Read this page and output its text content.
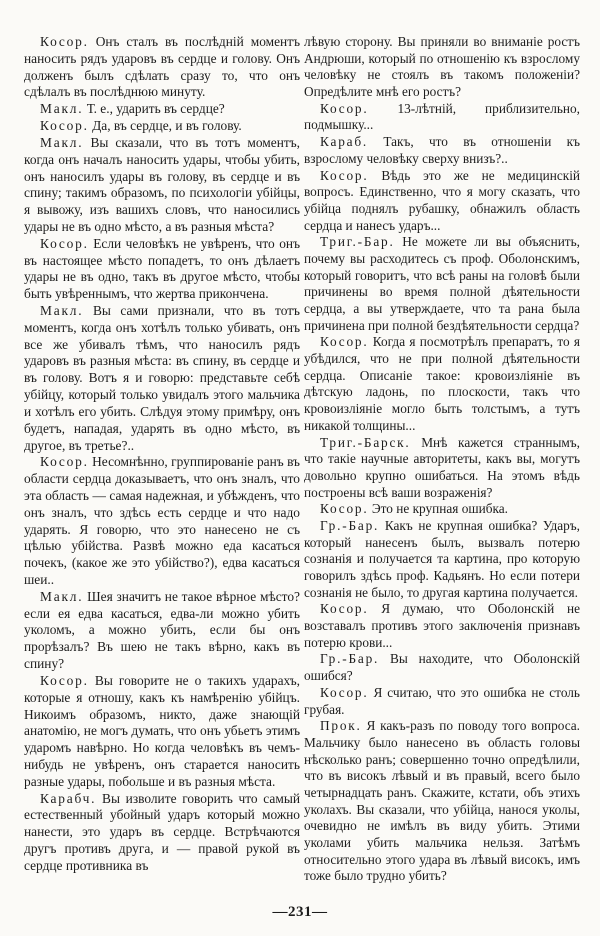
Косор. Онъ сталъ въ послѣдній моментъ наносить рядъ ударовъ въ сердце и голову. Онъ долженъ былъ сдѣлать сразу то, что онъ сдѣлалъ въ послѣднюю минуту.

Макл. Т. е., ударить въ сердце?

Косор. Да, въ сердце, и въ голову.

Макл. Вы сказали, что въ тотъ моментъ, когда онъ началъ наносить удары, чтобы убить, онъ наносилъ удары въ голову, въ сердце и въ спину; такимъ образомъ, по психологіи убійцы, я вывожу, изъ вашихъ словъ, что наносились удары не въ одно мѣсто, а въ разныя мѣста?

Косор. Если человѣкъ не увѣренъ, что онъ въ настоящее мѣсто попадетъ, то онъ дѣлаетъ удары не въ одно, такъ въ другое мѣсто, чтобы быть увѣреннымъ, что жертва прикончена.

Макл. Вы сами признали, что въ тотъ моментъ, когда онъ хотѣлъ только убивать, онъ все же убивалъ тѣмъ, что наносилъ рядъ ударовъ въ разныя мѣста: въ спину, въ сердце и въ голову. Вотъ я и говорю: представьте себѣ убійцу, который только увидалъ этого мальчика и хотѣлъ его убить. Слѣдуя этому примѣру, онъ будетъ, нападая, ударять въ одно мѣсто, въ другое, въ третье?..

Косор. Несомнѣнно, группированіе ранъ въ области сердца доказываетъ, что онъ зналъ, что эта область — самая надежная, и убѣжденъ, что онъ зналъ, что здѣсь есть сердце и что надо ударять. Я говорю, что это нанесено не съ цѣлью убійства. Развѣ можно еда касаться почекъ, (какое же это убійство?), едва касаться шеи..

Макл. Шея значитъ не такое вѣрное мѣсто? если ея едва касаться, едва-ли можно убить уколомъ, а можно убить, если бы онъ прорѣзалъ? Въ шею не такъ вѣрно, какъ въ спину?

Косор. Вы говорите не о такихъ ударахъ, которые я отношу, какъ къ намѣренію убійцъ. Никоимъ образомъ, никто, даже знающій анатомію, не могъ думать, что онъ убьетъ этимъ ударомъ навѣрно. Но когда человѣкъ въ чемъ-нибудь не увѣренъ, онъ старается наносить разные удары, побольше и въ разныя мѣста.

Карабч. Вы изволите говорить что самый естественный убойный ударъ который можно нанести, это ударъ въ сердце. Встрѣчаются другъ противъ друга, и — правой рукой въ сердце противника въ

лѣвую сторону. Вы приняли во вниманіе ростъ Андрюши, который по отношенію къ взрослому человѣку не стоялъ въ такомъ положеніи? Опредѣлите мнѣ его ростъ?

Косор. 13-лѣтній, приблизительно, подмышку...

Караб. Такъ, что въ отношеніи къ взрослому человѣку сверху внизъ?..

Косор. Вѣдь это же не медицинскій вопросъ. Единственно, что я могу сказать, что убійца поднялъ рубашку, обнажилъ область сердца и нанесъ ударъ...

Триг.-Бар. Не можете ли вы объяснить, почему вы расходитесь съ проф. Оболонскимъ, который говоритъ, что всѣ раны на головѣ были причинены во время полной дѣятельности сердца, а вы утверждаете, что та рана была причинена при полной бездѣятельности сердца?

Косор. Когда я посмотрѣлъ препаратъ, то я убѣдился, что не при полной дѣятельности сердца. Описаніе такое: кровоизліяніе въ дѣтскую ладонь, по плоскости, такъ что кровоизліяніе могло быть толстымъ, а тутъ никакой толщины...

Триг.-Барск. Мнѣ кажется страннымъ, что такіе научные авторитеты, какъ вы, могутъ довольно крупно ошибаться. На этомъ вѣдь построены всѣ ваши возраженія?

Косор. Это не крупная ошибка.

Гр.-Бар. Какъ не крупная ошибка? Ударъ, который нанесенъ былъ, вызвалъ потерю сознанія и получается та картина, про которую говорилъ здѣсь проф. Кадьянъ. Но если потери сознанія не было, то другая картина получается.

Косор. Я думаю, что Оболонскій не возставалъ противъ этого заключенія признавъ потерю крови...

Гр.-Бар. Вы находите, что Оболонскій ошибся?

Косор. Я считаю, что это ошибка не столь грубая.

Прок. Я какъ-разъ по поводу того вопроса. Мальчику было нанесено въ область головы нѣсколько ранъ; совершенно точно опредѣлили, что въ високъ лѣвый и въ правый, всего было четырнадцать ранъ. Скажите, кстати, объ этихъ уколахъ. Вы сказали, что убійца, нанося уколы, очевидно не имѣлъ въ виду убить. Этими уколами убить мальчика нельзя. Затѣмъ относительно этого удара въ лѣвый високъ, имъ тоже было трудно убить?

—231—
